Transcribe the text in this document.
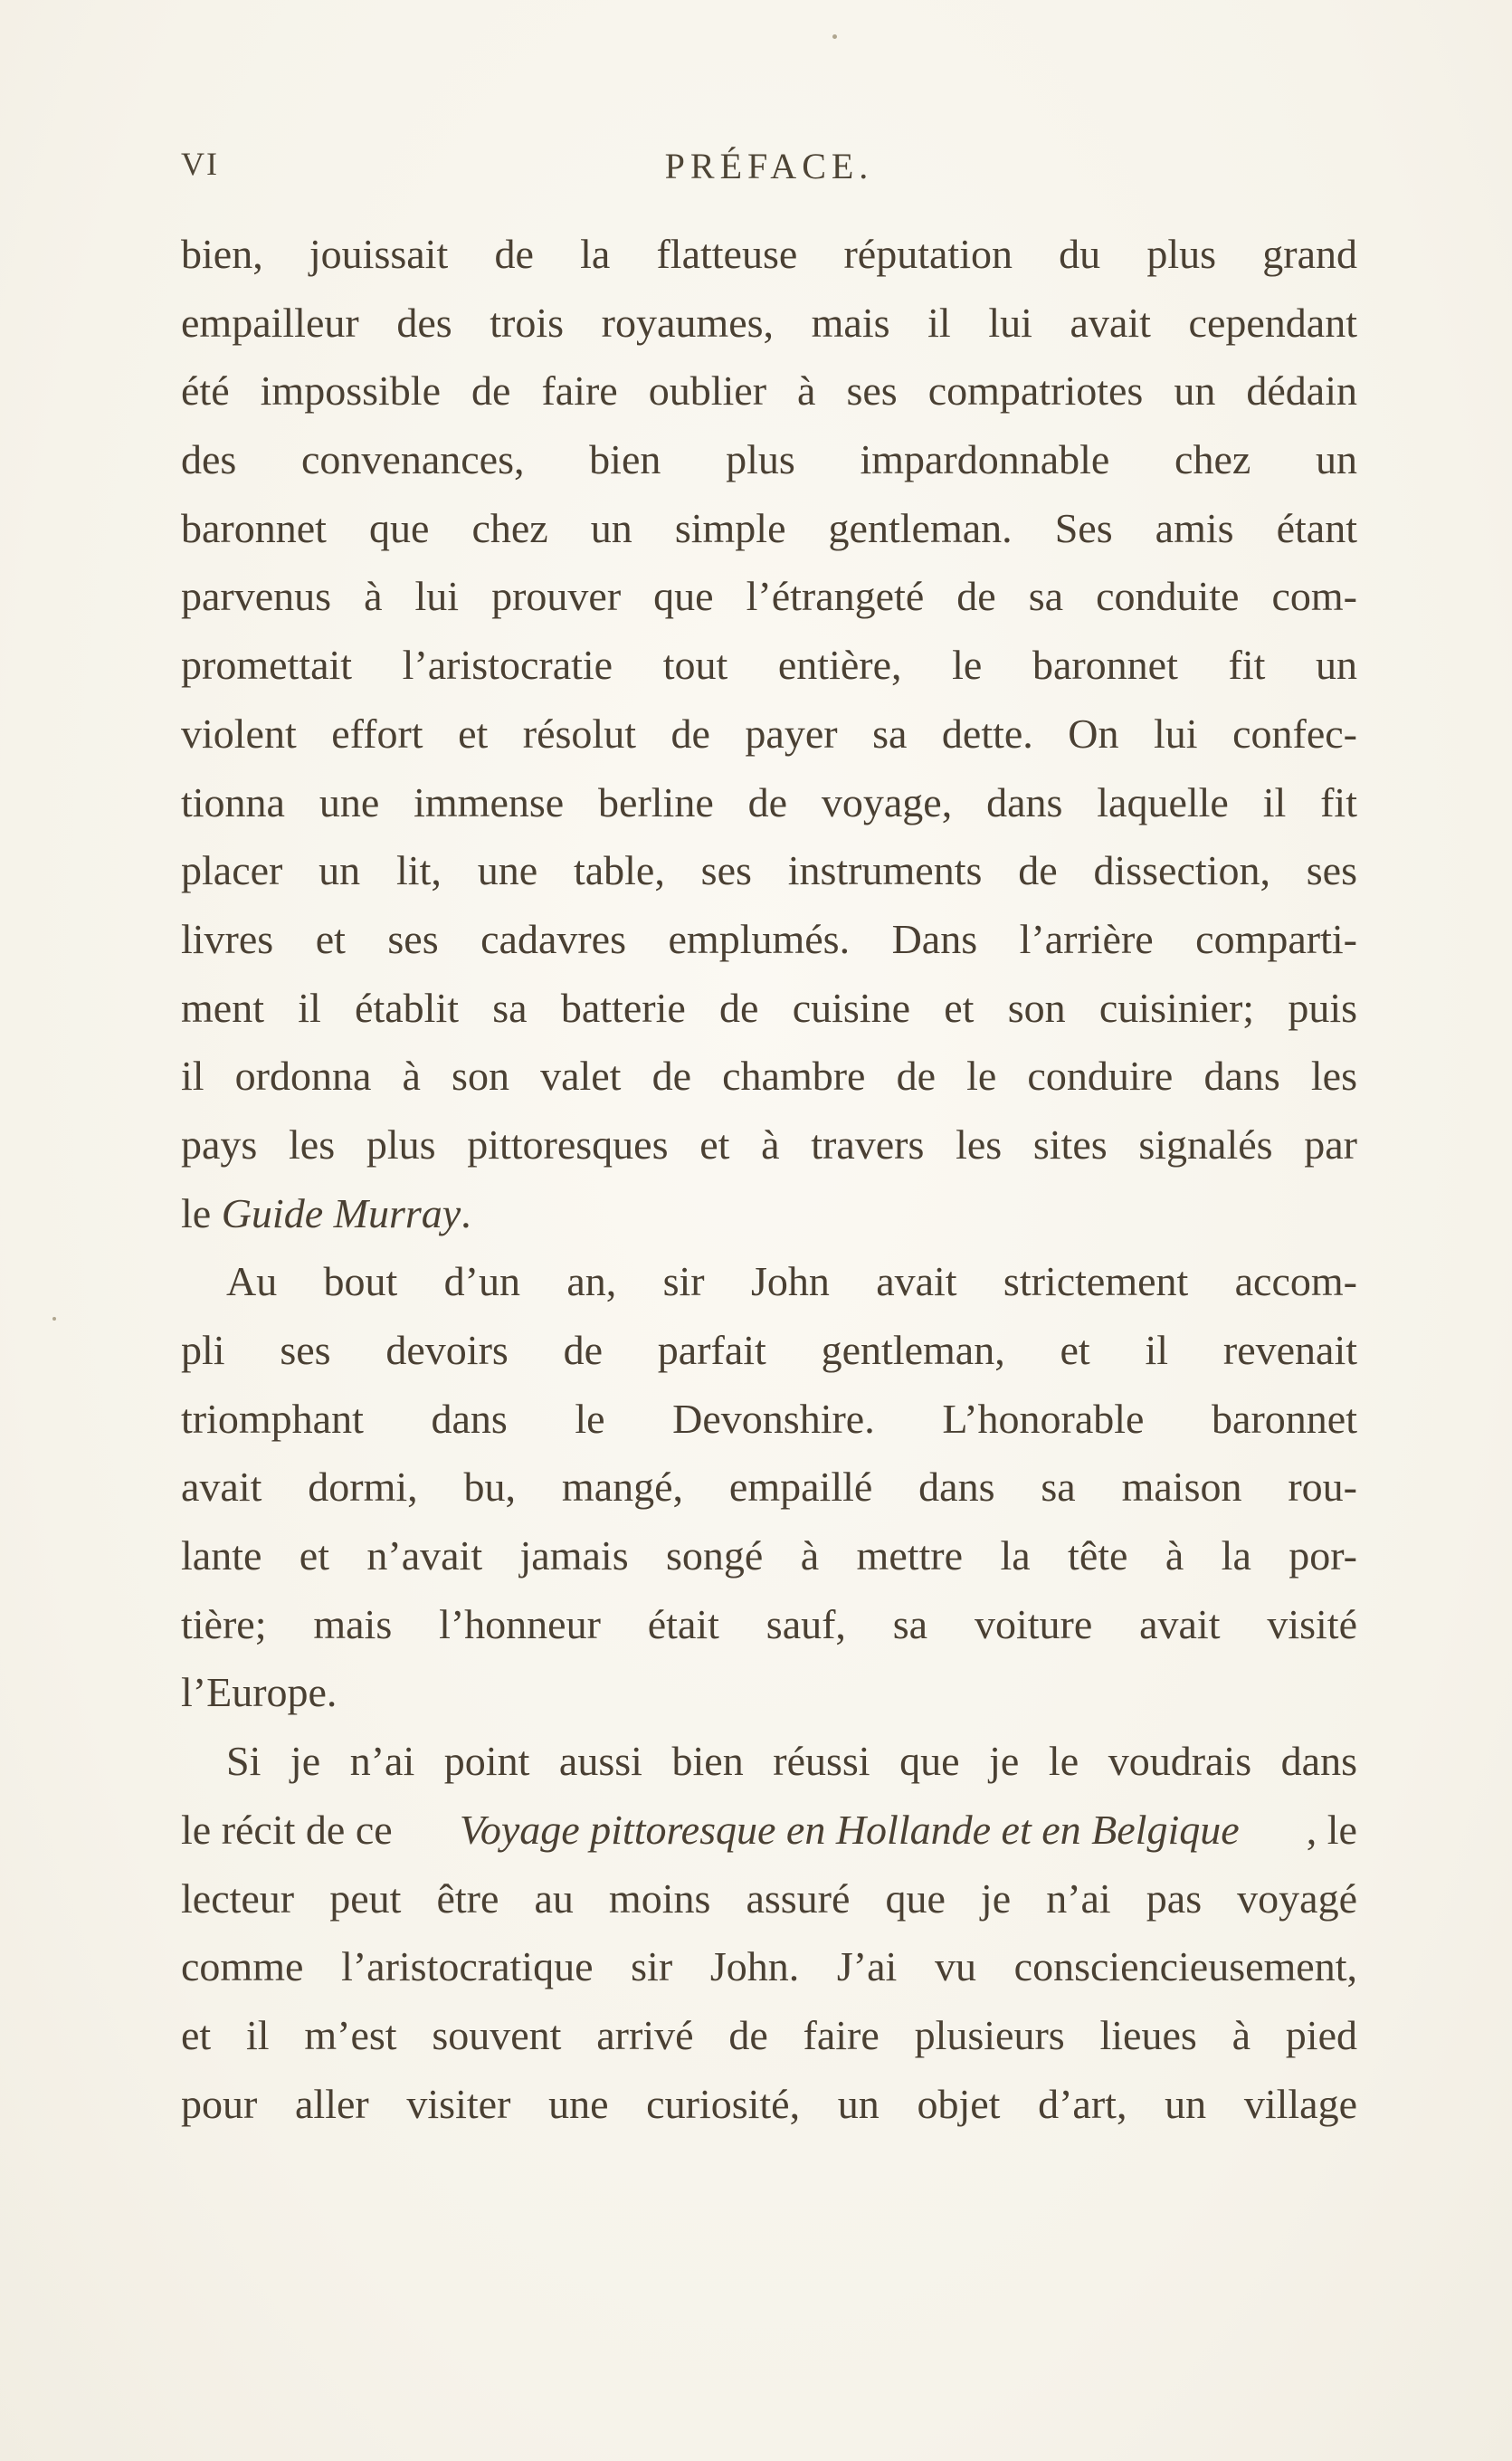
VI	PRÉFACE.
bien, jouissait de la flatteuse réputation du plus grand
empailleur des trois royaumes, mais il lui avait cependant
été impossible de faire oublier à ses compatriotes un dédain
des convenances, bien plus impardonnable chez un
baronnet que chez un simple gentleman. Ses amis étant
parvenus à lui prouver que l’étrangeté de sa conduite com-
promettait l’aristocratie tout entière, le baronnet fit un
violent effort et résolut de payer sa dette. On lui confec-
tionna une immense berline de voyage, dans laquelle il fit
placer un lit, une table, ses instruments de dissection, ses
livres et ses cadavres emplumés. Dans l’arrière comparti-
ment il établit sa batterie de cuisine et son cuisinier; puis
il ordonna à son valet de chambre de le conduire dans les
pays les plus pittoresques et à travers les sites signalés par
le Guide Murray.
Au bout d’un an, sir John avait strictement accom-
pli ses devoirs de parfait gentleman, et il revenait
triomphant dans le Devonshire. L’honorable baronnet
avait dormi, bu, mangé, empaillé dans sa maison rou-
lante et n’avait jamais songé à mettre la tête à la por-
tière; mais l’honneur était sauf, sa voiture avait visité
l’Europe.
Si je n’ai point aussi bien réussi que je le voudrais dans
le récit de ce Voyage pittoresque en Hollande et en Belgique , le
lecteur peut être au moins assuré que je n’ai pas voyagé
comme l’aristocratique sir John. J’ai vu consciencieusement,
et il m’est souvent arrivé de faire plusieurs lieues à pied
pour aller visiter une curiosité, un objet d’art, un village
